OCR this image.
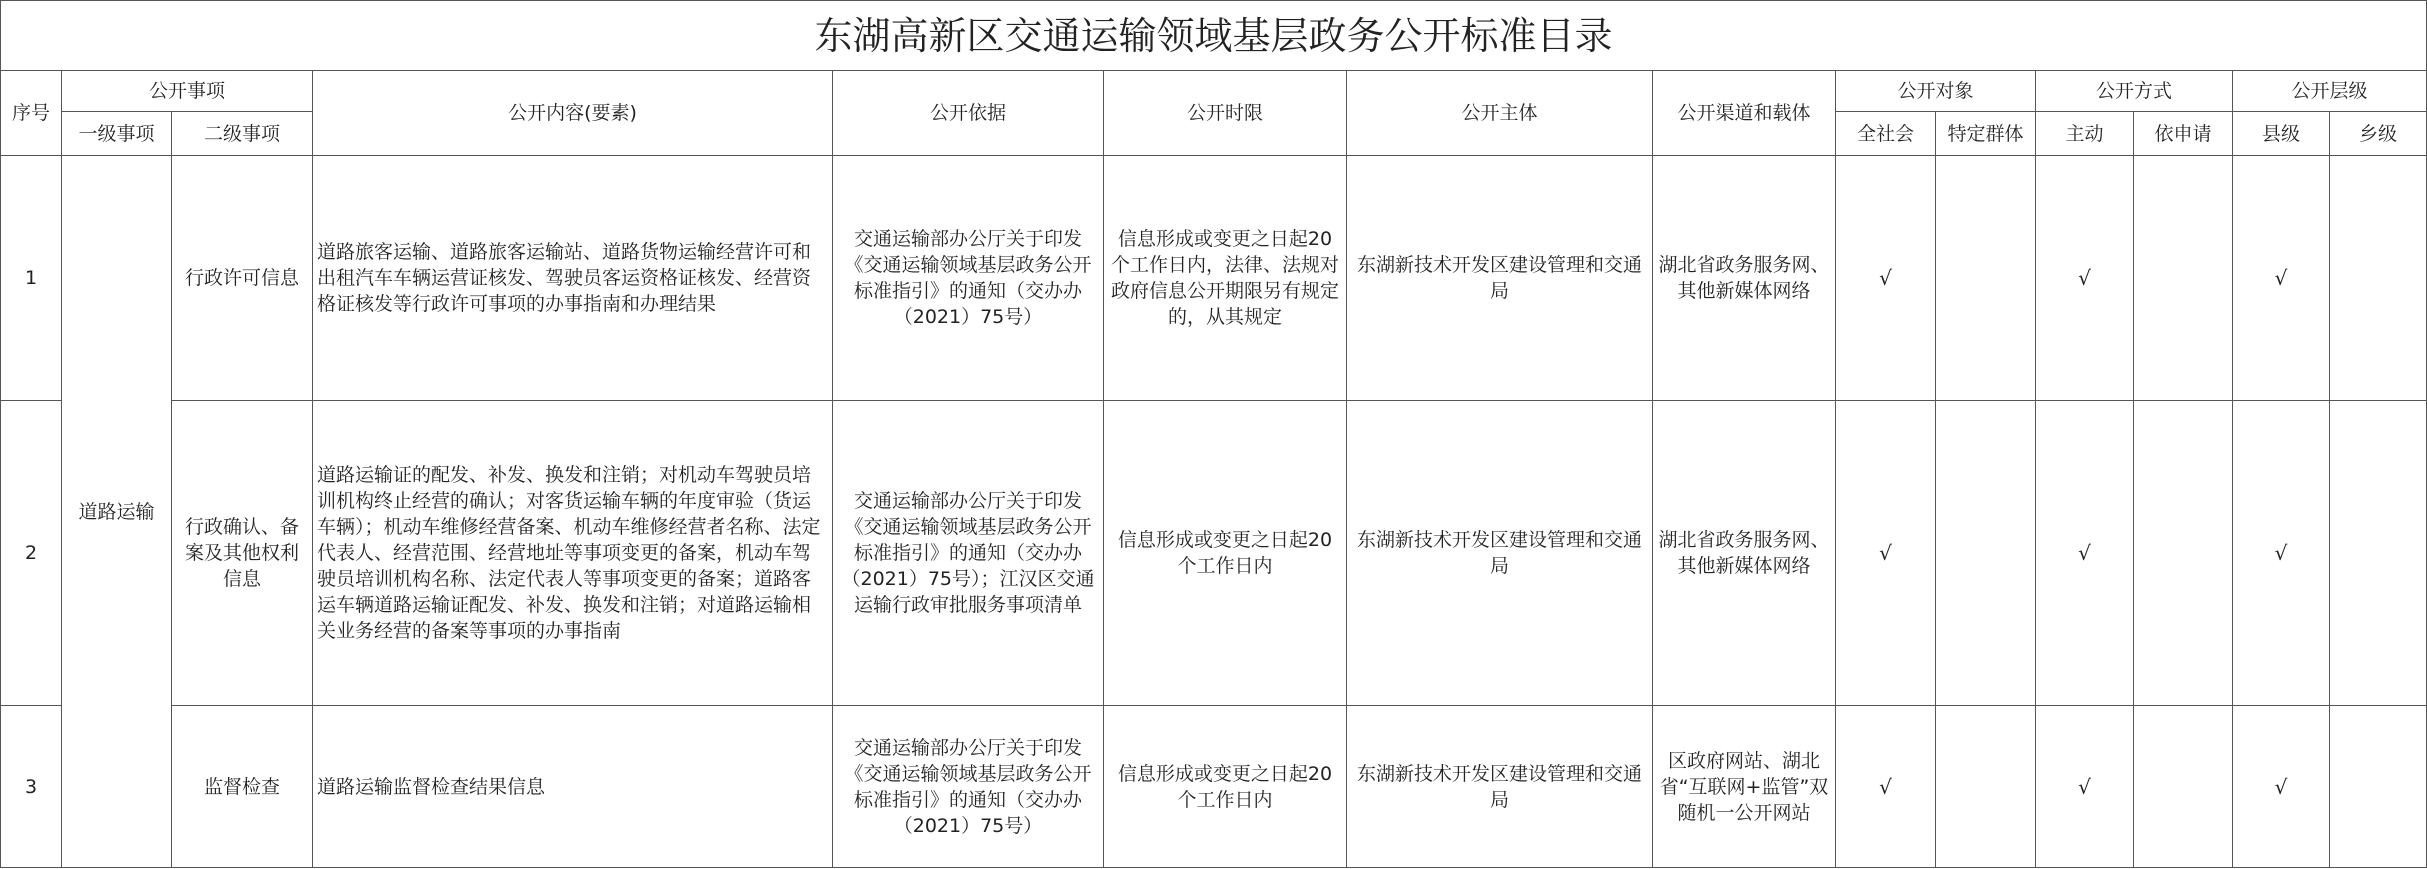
东湖高新区交通运输领域基层政务公开标准目录													
序号	公开事项		公开内容(要素)	公开依据	公开时限	公开主体	公开渠道和载体	公开对象		公开方式		公开层级	
	一级事项	二级事项						全社会	特定群体	主动	依申请	县级	乡级
1	道路运输	行政许可信息	道路旅客运输、道路旅客运输站、道路货物运输经营许可和出租汽车车辆运营证核发、驾驶员客运资格证核发、经营资格证核发等行政许可事项的办事指南和办理结果	交通运输部办公厅关于印发《交通运输领域基层政务公开标准指引》的通知（交办办（2021）75号）	信息形成或变更之日起20个工作日内，法律、法规对政府信息公开期限另有规定的，从其规定	东湖新技术开发区建设管理和交通局	湖北省政务服务网、其他新媒体网络	√		√		√	
2		行政确认、备案及其他权利信息	道路运输证的配发、补发、换发和注销；对机动车驾驶员培训机构终止经营的确认；对客货运输车辆的年度审验（货运车辆）；机动车维修经营备案、机动车维修经营者名称、法定代表人、经营范围、经营地址等事项变更的备案，机动车驾驶员培训机构名称、法定代表人等事项变更的备案；道路客运车辆道路运输证配发、补发、换发和注销；对道路运输相关业务经营的备案等事项的办事指南	交通运输部办公厅关于印发《交通运输领域基层政务公开标准指引》的通知（交办办（2021）75号）；江汉区交通运输行政审批服务事项清单	信息形成或变更之日起20个工作日内	东湖新技术开发区建设管理和交通局	湖北省政务服务网、其他新媒体网络	√		√		√	
3		监督检查	道路运输监督检查结果信息	交通运输部办公厅关于印发《交通运输领域基层政务公开标准指引》的通知（交办办（2021）75号）	信息形成或变更之日起20个工作日内	东湖新技术开发区建设管理和交通局	区政府网站、湖北省“互联网+监管”双随机一公开网站	√		√		√	
